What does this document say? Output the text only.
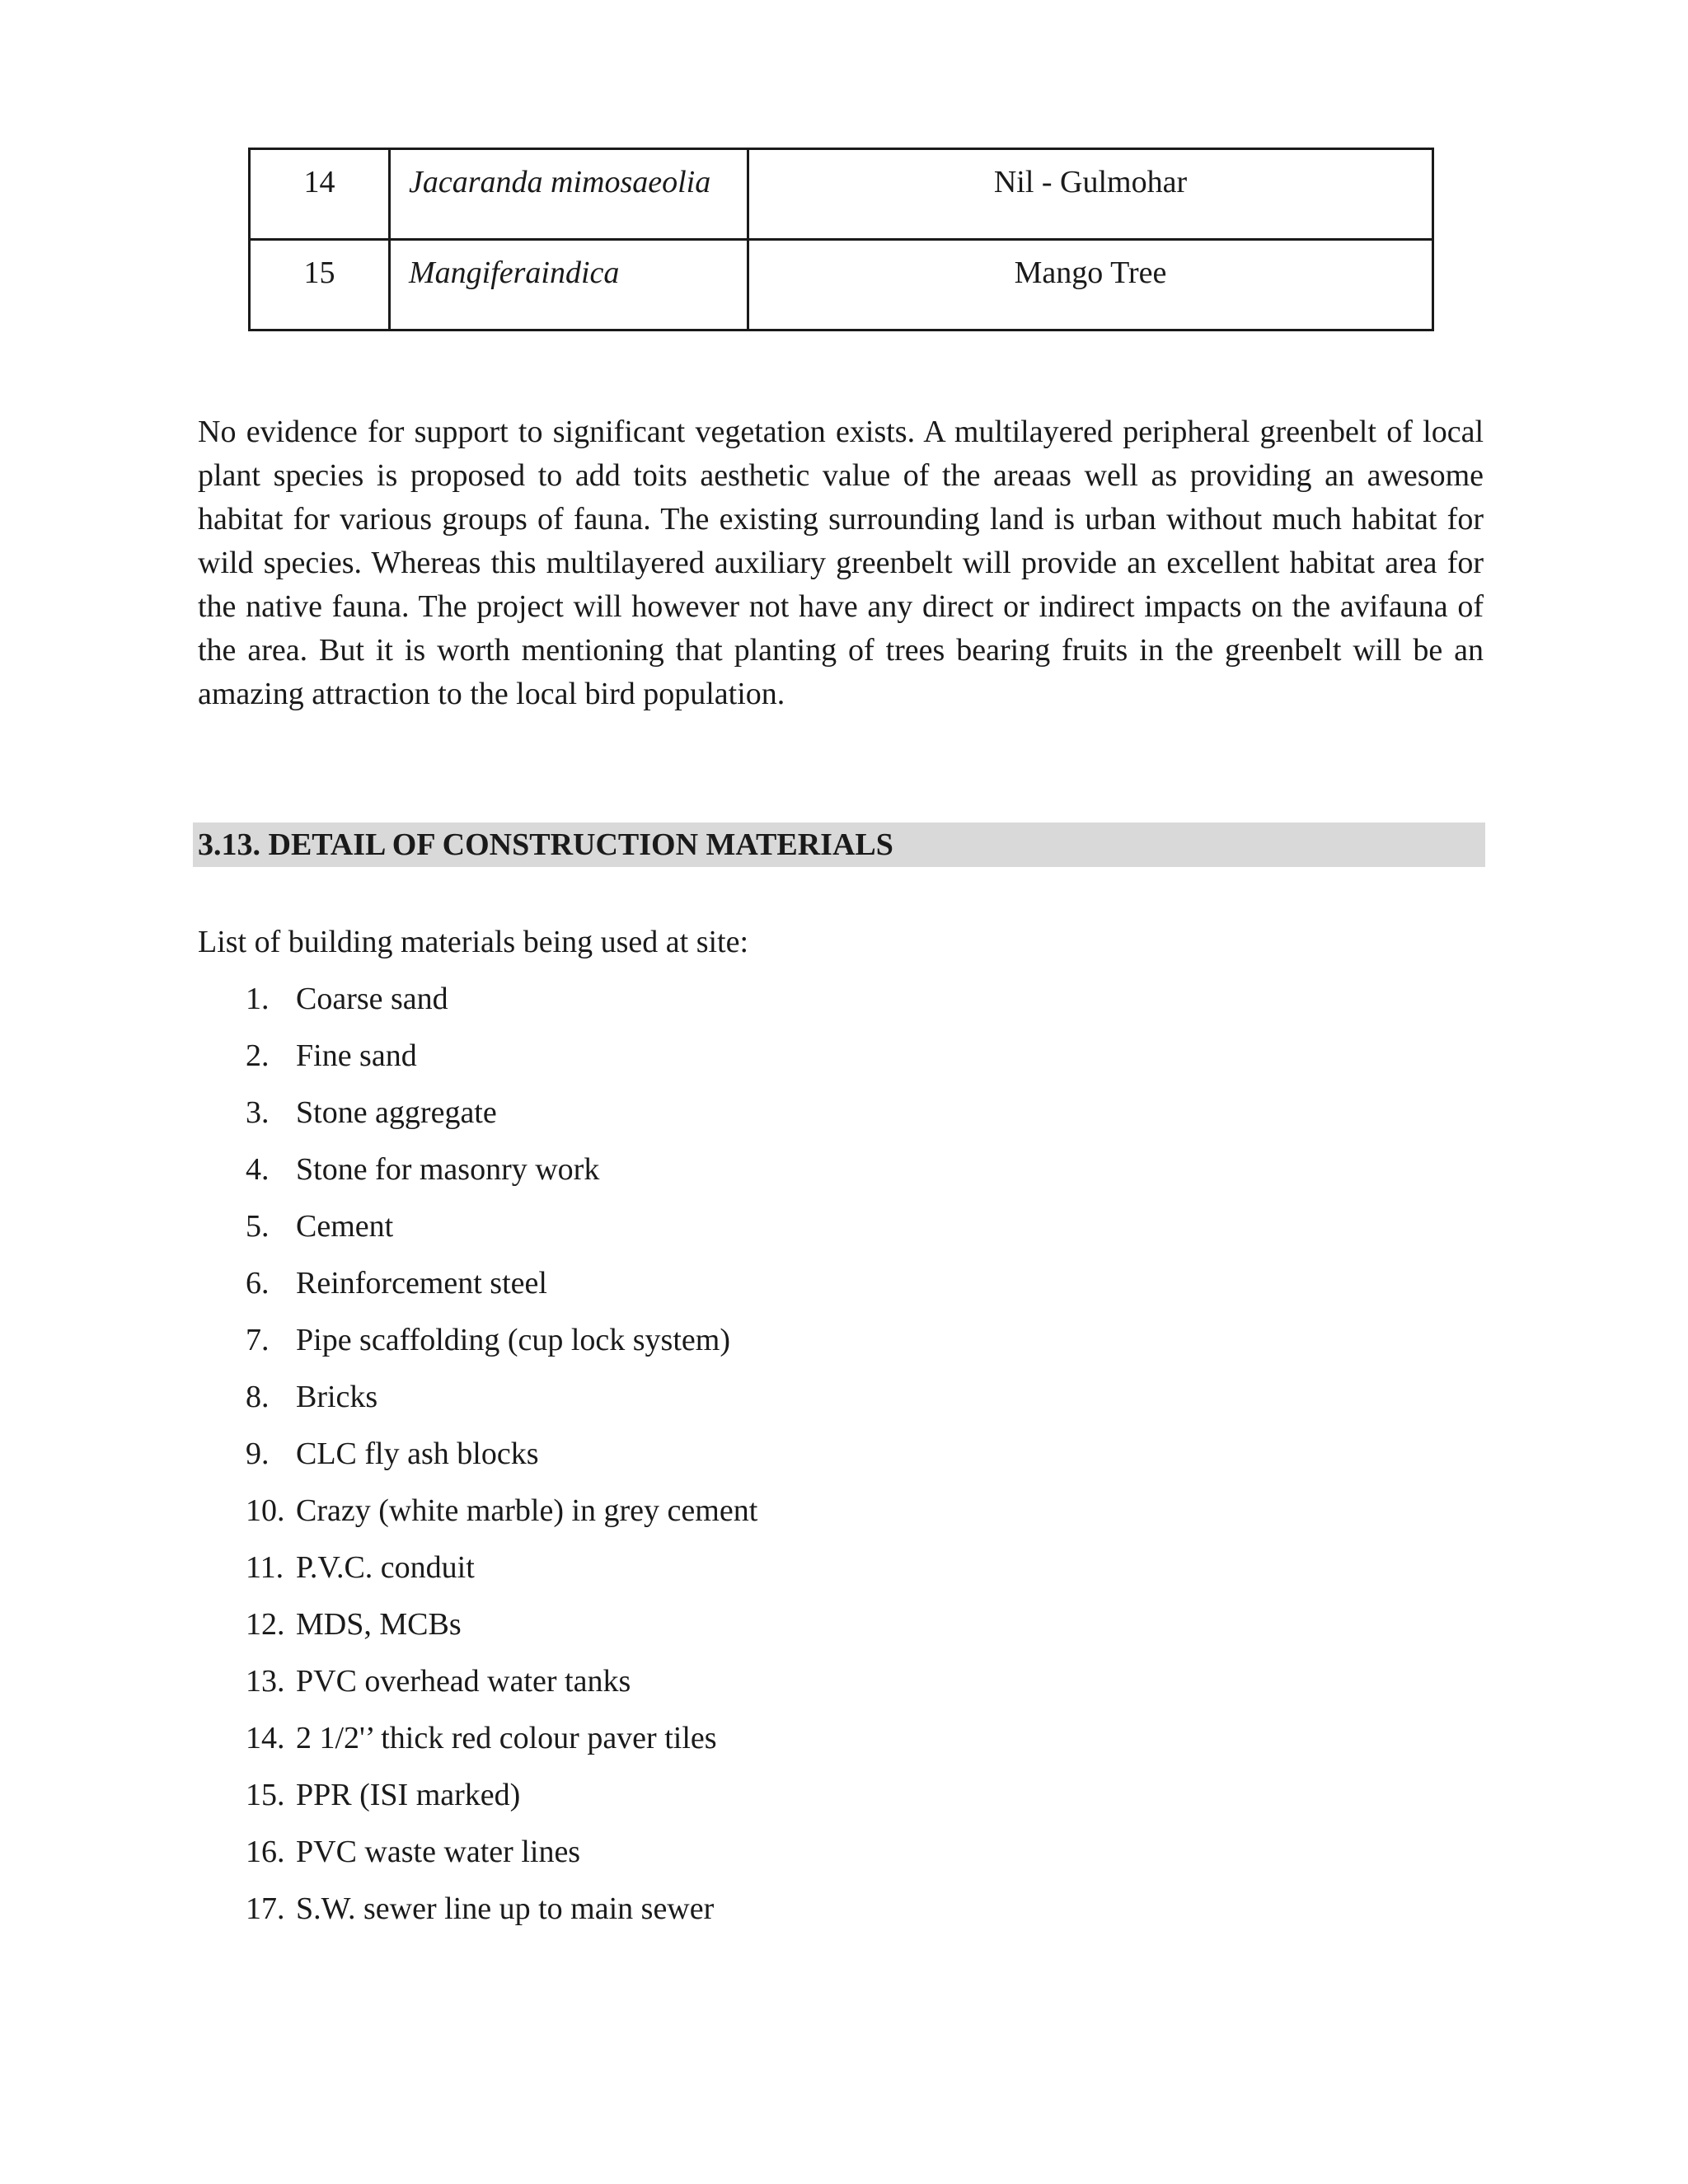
14	Jacaranda mimosaeolia	Nil - Gulmohar

15	Mangiferaindica	Mango Tree

No evidence for support to significant vegetation exists. A multilayered peripheral greenbelt of local plant species is proposed to add toits aesthetic value of the areaas well as providing an awesome habitat for various groups of fauna. The existing surrounding land is urban without much habitat for wild species. Whereas this multilayered auxiliary greenbelt will provide an excellent habitat area for the native fauna. The project will however not have any direct or indirect impacts on the avifauna of the area. But it is worth mentioning that planting of trees bearing fruits in the greenbelt will be an amazing attraction to the local bird population.

3.13. DETAIL OF CONSTRUCTION MATERIALS

List of building materials being used at site:

1. Coarse sand
2. Fine sand
3. Stone aggregate
4. Stone for masonry work
5. Cement
6. Reinforcement steel
7. Pipe scaffolding (cup lock system)
8. Bricks
9. CLC fly ash blocks
10. Crazy (white marble) in grey cement
11. P.V.C. conduit
12. MDS, MCBs
13. PVC overhead water tanks
14. 2 1/2'’ thick red colour paver tiles
15. PPR (ISI marked)
16. PVC waste water lines
17. S.W. sewer line up to main sewer
